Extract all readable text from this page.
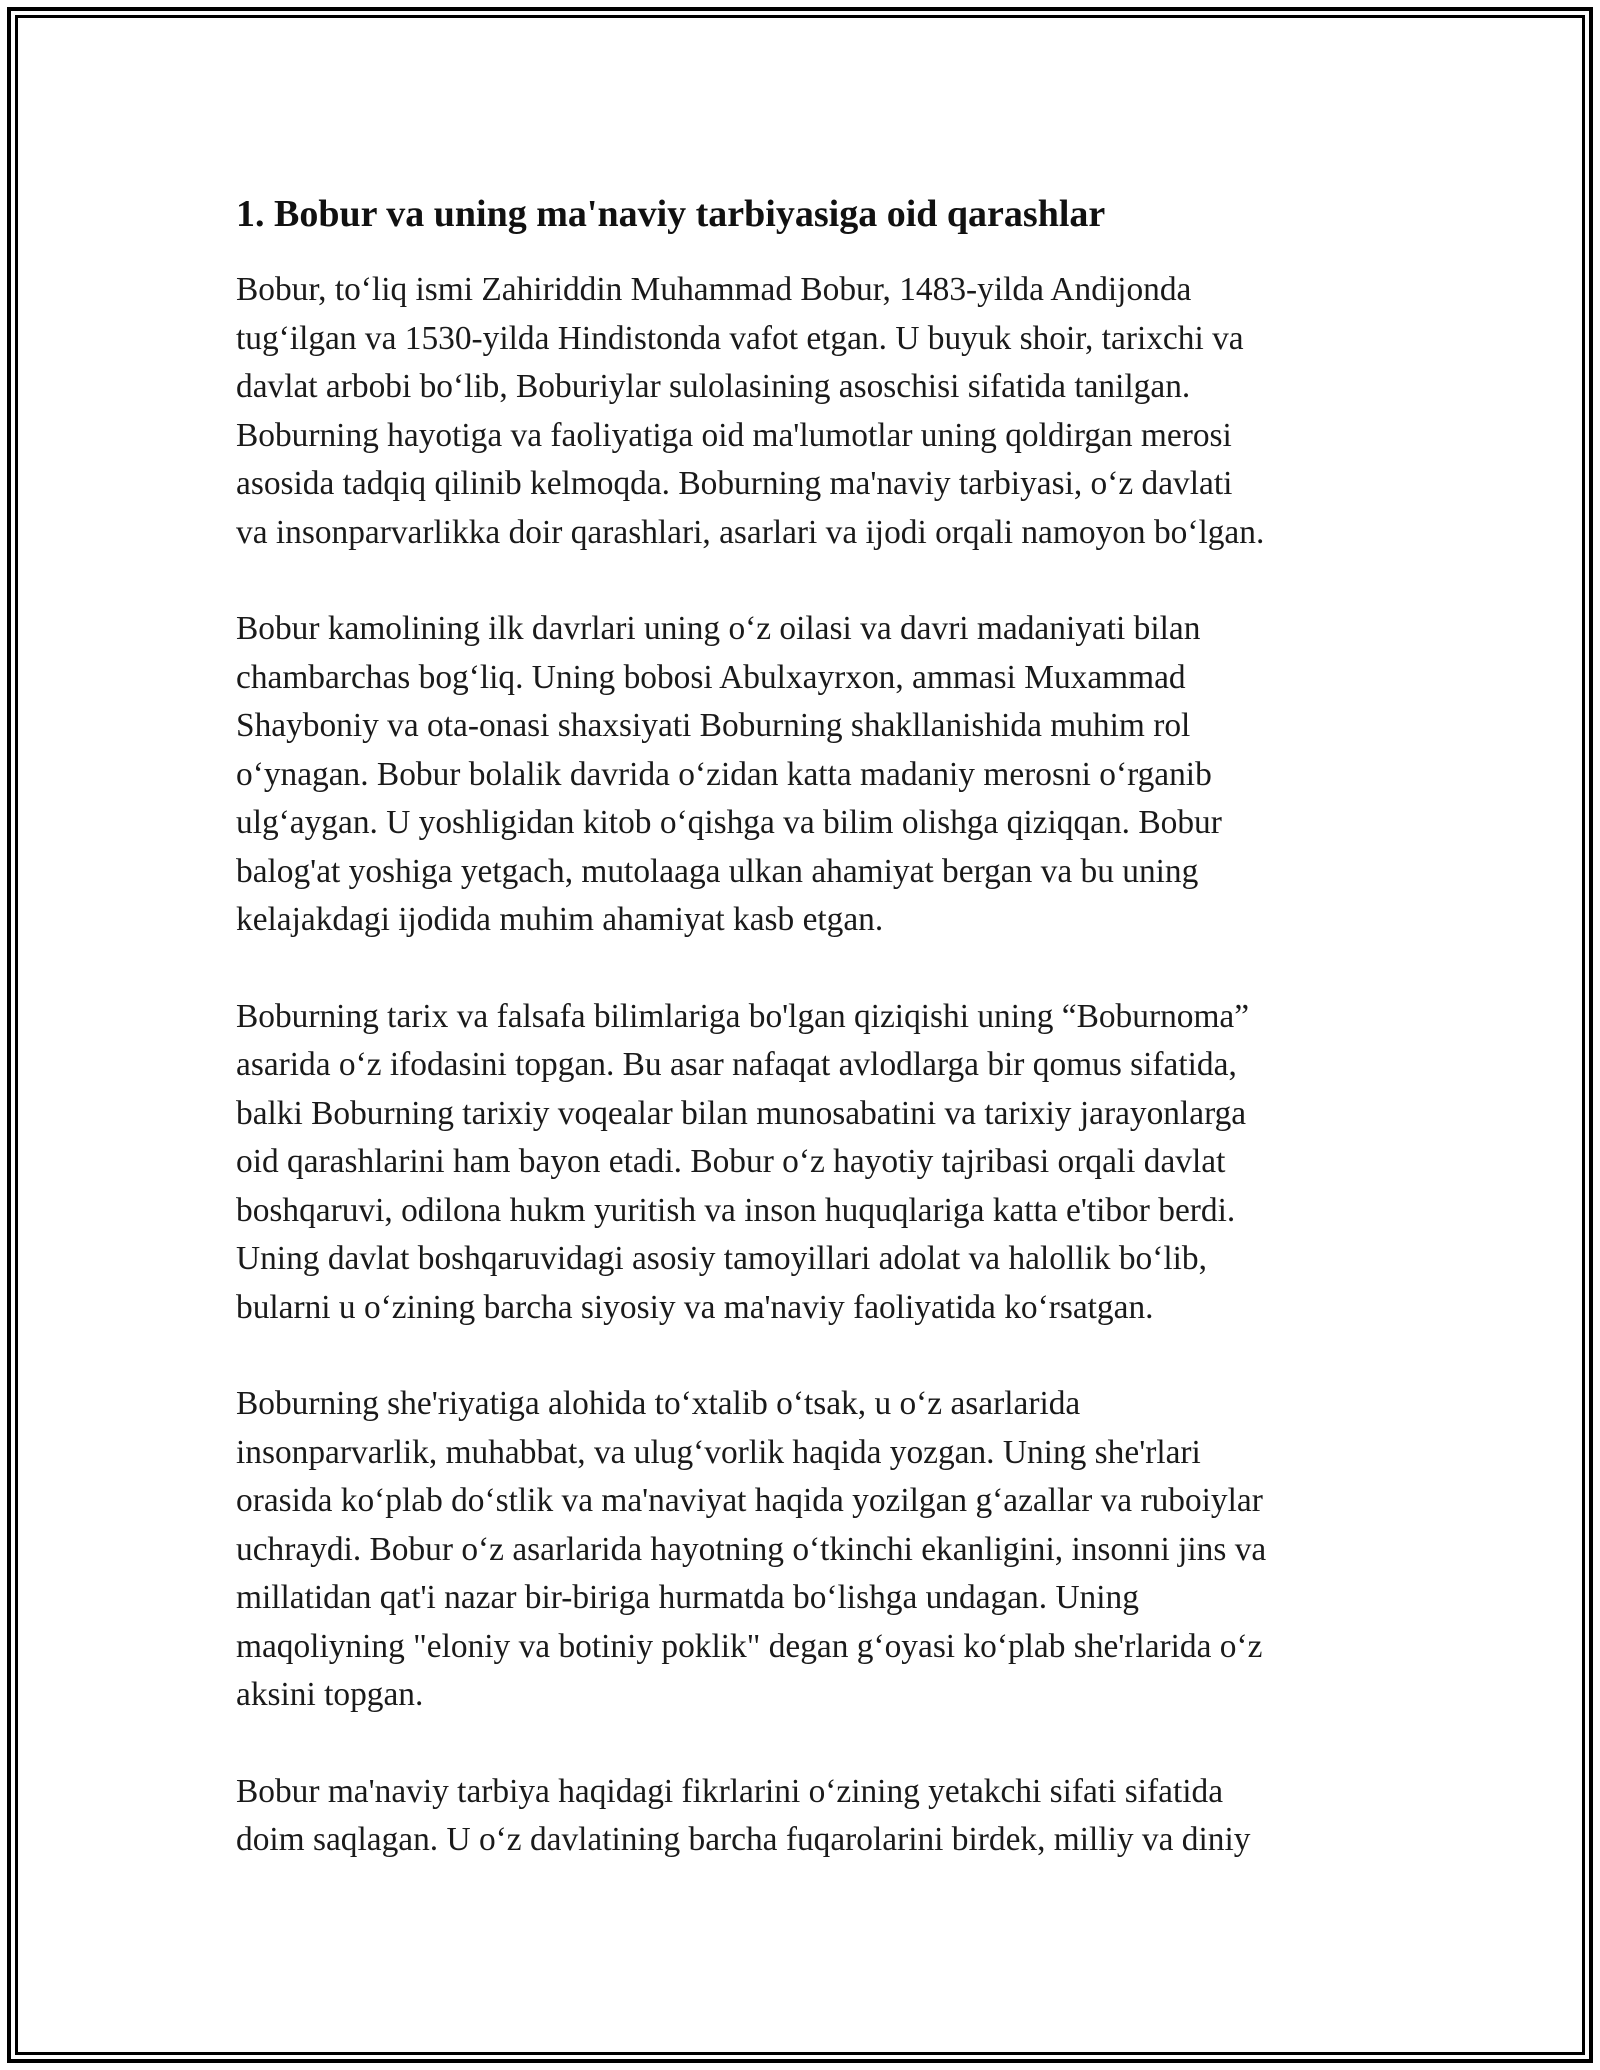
1. Bobur va uning ma'naviy tarbiyasiga oid qarashlar

Bobur, to‘liq ismi Zahiriddin Muhammad Bobur, 1483-yilda Andijonda
tug‘ilgan va 1530-yilda Hindistonda vafot etgan. U buyuk shoir, tarixchi va
davlat arbobi bo‘lib, Boburiylar sulolasining asoschisi sifatida tanilgan.
Boburning hayotiga va faoliyatiga oid ma'lumotlar uning qoldirgan merosi
asosida tadqiq qilinib kelmoqda. Boburning ma'naviy tarbiyasi, o‘z davlati
va insonparvarlikka doir qarashlari, asarlari va ijodi orqali namoyon bo‘lgan.

Bobur kamolining ilk davrlari uning o‘z oilasi va davri madaniyati bilan
chambarchas bog‘liq. Uning bobosi Abulxayrxon, ammasi Muxammad
Shayboniy va ota-onasi shaxsiyati Boburning shakllanishida muhim rol
o‘ynagan. Bobur bolalik davrida o‘zidan katta madaniy merosni o‘rganib
ulg‘aygan. U yoshligidan kitob o‘qishga va bilim olishga qiziqqan. Bobur
balog'at yoshiga yetgach, mutolaaga ulkan ahamiyat bergan va bu uning
kelajakdagi ijodida muhim ahamiyat kasb etgan.

Boburning tarix va falsafa bilimlariga bo'lgan qiziqishi uning “Boburnoma”
asarida o‘z ifodasini topgan. Bu asar nafaqat avlodlarga bir qomus sifatida,
balki Boburning tarixiy voqealar bilan munosabatini va tarixiy jarayonlarga
oid qarashlarini ham bayon etadi. Bobur o‘z hayotiy tajribasi orqali davlat
boshqaruvi, odilona hukm yuritish va inson huquqlariga katta e'tibor berdi.
Uning davlat boshqaruvidagi asosiy tamoyillari adolat va halollik bo‘lib,
bularni u o‘zining barcha siyosiy va ma'naviy faoliyatida ko‘rsatgan.

Boburning she'riyatiga alohida to‘xtalib o‘tsak, u o‘z asarlarida
insonparvarlik, muhabbat, va ulug‘vorlik haqida yozgan. Uning she'rlari
orasida ko‘plab do‘stlik va ma'naviyat haqida yozilgan g‘azallar va ruboiylar
uchraydi. Bobur o‘z asarlarida hayotning o‘tkinchi ekanligini, insonni jins va
millatidan qat'i nazar bir-biriga hurmatda bo‘lishga undagan. Uning
maqoliyning "eloniy va botiniy poklik" degan g‘oyasi ko‘plab she'rlarida o‘z
aksini topgan.

Bobur ma'naviy tarbiya haqidagi fikrlarini o‘zining yetakchi sifati sifatida
doim saqlagan. U o‘z davlatining barcha fuqarolarini birdek, milliy va diniy
